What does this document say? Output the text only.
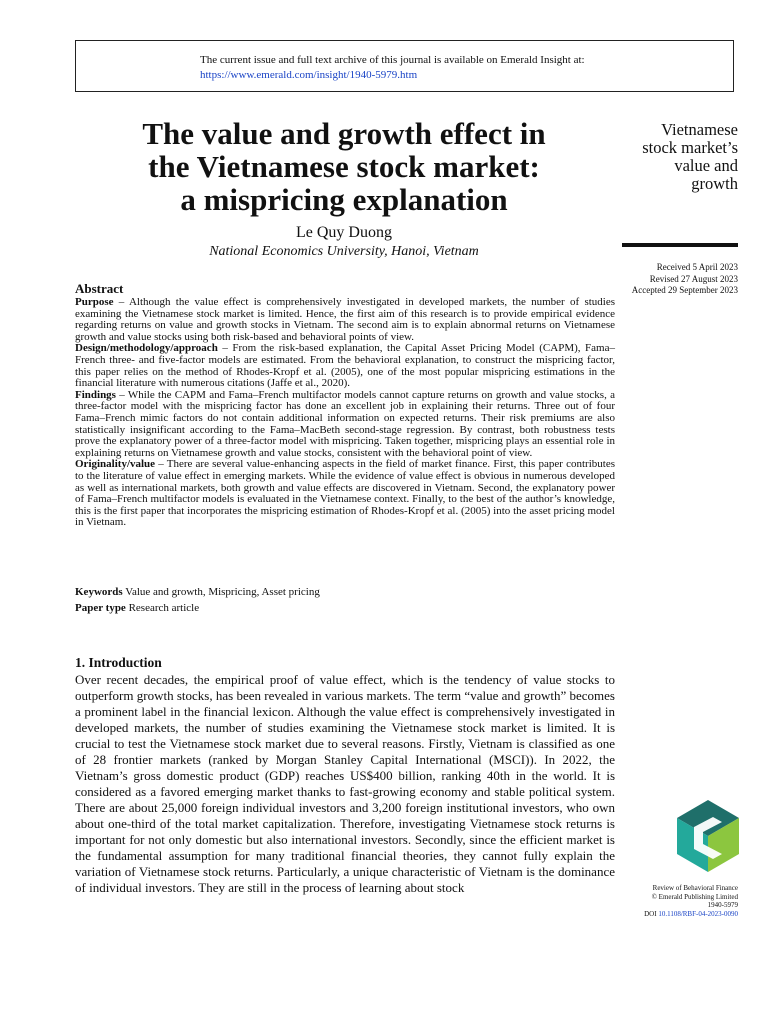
The current issue and full text archive of this journal is available on Emerald Insight at:
https://www.emerald.com/insight/1940-5979.htm
The value and growth effect in
the Vietnamese stock market:
a mispricing explanation
Le Quy Duong
National Economics University, Hanoi, Vietnam
Vietnamese
stock market’s
value and
growth
Received 5 April 2023
Revised 27 August 2023
Accepted 29 September 2023
Abstract

Purpose – Although the value effect is comprehensively investigated in developed markets, the number of studies examining the Vietnamese stock market is limited. Hence, the first aim of this research is to provide empirical evidence regarding returns on value and growth stocks in Vietnam. The second aim is to explain abnormal returns on Vietnamese growth and value stocks using both risk-based and behavioral points of view.

Design/methodology/approach – From the risk-based explanation, the Capital Asset Pricing Model (CAPM), Fama–French three- and five-factor models are estimated. From the behavioral explanation, to construct the mispricing factor, this paper relies on the method of Rhodes-Kropf et al. (2005), one of the most popular mispricing estimations in the financial literature with numerous citations (Jaffe et al., 2020).

Findings – While the CAPM and Fama–French multifactor models cannot capture returns on growth and value stocks, a three-factor model with the mispricing factor has done an excellent job in explaining their returns. Three out of four Fama–French mimic factors do not contain additional information on expected returns. Their risk premiums are also statistically insignificant according to the Fama–MacBeth second-stage regression. By contrast, both robustness tests prove the explanatory power of a three-factor model with mispricing. Taken together, mispricing plays an essential role in explaining returns on Vietnamese growth and value stocks, consistent with the behavioral point of view.

Originality/value – There are several value-enhancing aspects in the field of market finance. First, this paper contributes to the literature of value effect in emerging markets. While the evidence of value effect is obvious in numerous developed as well as international markets, both growth and value effects are discovered in Vietnam. Second, the explanatory power of Fama–French multifactor models is evaluated in the Vietnamese context. Finally, to the best of the author’s knowledge, this is the first paper that incorporates the mispricing estimation of Rhodes-Kropf et al. (2005) into the asset pricing model in Vietnam.

Keywords Value and growth, Mispricing, Asset pricing
Paper type Research article
1. Introduction

Over recent decades, the empirical proof of value effect, which is the tendency of value stocks to outperform growth stocks, has been revealed in various markets. The term “value and growth” becomes a prominent label in the financial lexicon. Although the value effect is comprehensively investigated in developed markets, the number of studies examining the Vietnamese stock market is limited. It is crucial to test the Vietnamese stock market due to several reasons. Firstly, Vietnam is classified as one of 28 frontier markets (ranked by Morgan Stanley Capital International (MSCI)). In 2022, the Vietnam’s gross domestic product (GDP) reaches US$400 billion, ranking 40th in the world. It is considered as a favored emerging market thanks to fast-growing economy and stable political system. There are about 25,000 foreign individual investors and 3,200 foreign institutional investors, who own about one-third of the total market capitalization. Therefore, investigating Vietnamese stock returns is important for not only domestic but also international investors. Secondly, since the efficient market is the fundamental assumption for many traditional financial theories, they cannot fully explain the variation of Vietnamese stock returns. Particularly, a unique characteristic of Vietnam is the dominance of individual investors. They are still in the process of learning about stock	Review of Behavioral Finance
© Emerald Publishing Limited
1940-5979
DOI 10.1108/RBF-04-2023-0090
